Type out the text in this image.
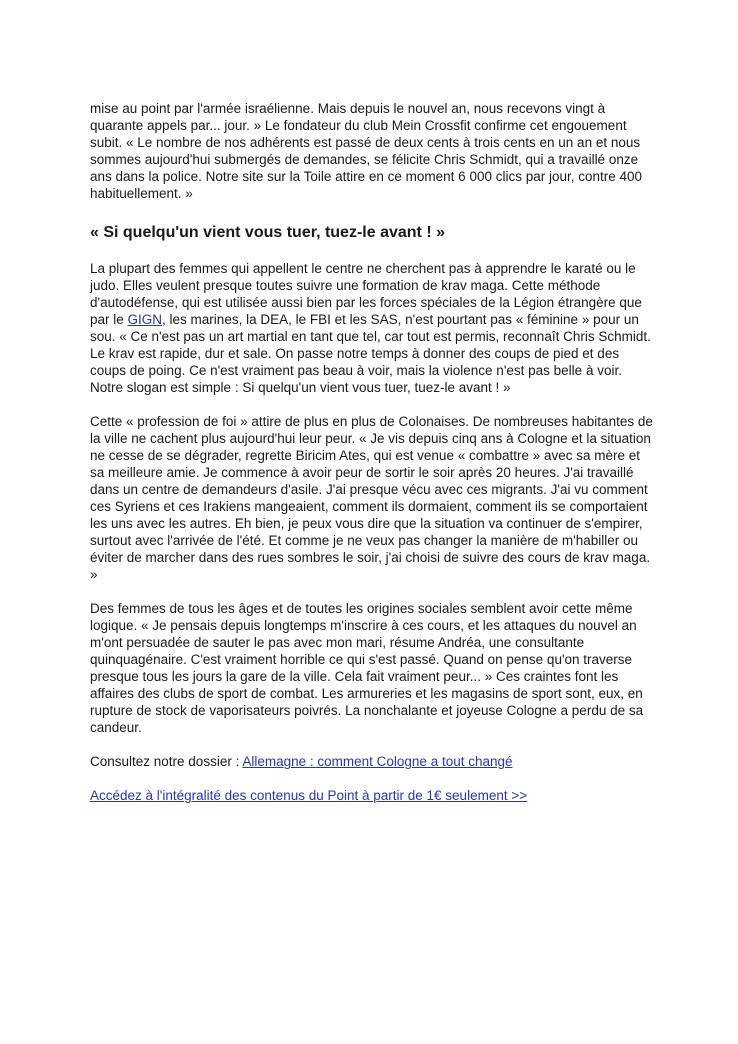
mise au point par l'armée israélienne. Mais depuis le nouvel an, nous recevons vingt à quarante appels par... jour. » Le fondateur du club Mein Crossfit confirme cet engouement subit. « Le nombre de nos adhérents est passé de deux cents à trois cents en un an et nous sommes aujourd'hui submergés de demandes, se félicite Chris Schmidt, qui a travaillé onze ans dans la police. Notre site sur la Toile attire en ce moment 6 000 clics par jour, contre 400 habituellement. »

« Si quelqu'un vient vous tuer, tuez-le avant ! »

La plupart des femmes qui appellent le centre ne cherchent pas à apprendre le karaté ou le judo. Elles veulent presque toutes suivre une formation de krav maga. Cette méthode d'autodéfense, qui est utilisée aussi bien par les forces spéciales de la Légion étrangère que par le GIGN, les marines, la DEA, le FBI et les SAS, n'est pourtant pas « féminine » pour un sou. « Ce n'est pas un art martial en tant que tel, car tout est permis, reconnaît Chris Schmidt. Le krav est rapide, dur et sale. On passe notre temps à donner des coups de pied et des coups de poing. Ce n'est vraiment pas beau à voir, mais la violence n'est pas belle à voir. Notre slogan est simple : Si quelqu'un vient vous tuer, tuez-le avant ! »

Cette « profession de foi » attire de plus en plus de Colonaises. De nombreuses habitantes de la ville ne cachent plus aujourd'hui leur peur. « Je vis depuis cinq ans à Cologne et la situation ne cesse de se dégrader, regrette Biricim Ates, qui est venue « combattre » avec sa mère et sa meilleure amie. Je commence à avoir peur de sortir le soir après 20 heures. J'ai travaillé dans un centre de demandeurs d'asile. J'ai presque vécu avec ces migrants. J'ai vu comment ces Syriens et ces Irakiens mangeaient, comment ils dormaient, comment ils se comportaient les uns avec les autres. Eh bien, je peux vous dire que la situation va continuer de s'empirer, surtout avec l'arrivée de l'été. Et comme je ne veux pas changer la manière de m'habiller ou éviter de marcher dans des rues sombres le soir, j'ai choisi de suivre des cours de krav maga. »

Des femmes de tous les âges et de toutes les origines sociales semblent avoir cette même logique. « Je pensais depuis longtemps m'inscrire à ces cours, et les attaques du nouvel an m'ont persuadée de sauter le pas avec mon mari, résume Andréa, une consultante quinquagénaire. C'est vraiment horrible ce qui s'est passé. Quand on pense qu'on traverse presque tous les jours la gare de la ville. Cela fait vraiment peur... » Ces craintes font les affaires des clubs de sport de combat. Les armureries et les magasins de sport sont, eux, en rupture de stock de vaporisateurs poivrés. La nonchalante et joyeuse Cologne a perdu de sa candeur.

Consultez notre dossier : Allemagne : comment Cologne a tout changé

Accédez à l'intégralité des contenus du Point à partir de 1€ seulement >>
